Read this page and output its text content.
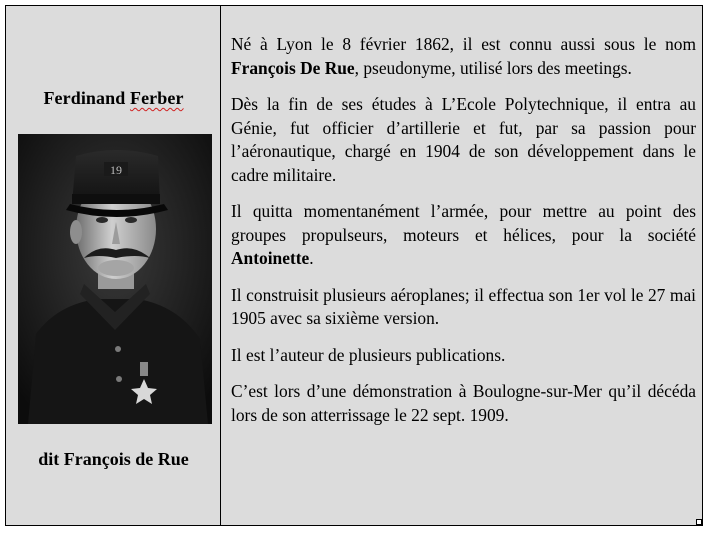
Ferdinand Ferber
19
dit François de Rue

Né à Lyon le 8 février 1862, il est connu aussi sous le nom François De Rue, pseudonyme, utilisé lors des meetings.

Dès la fin de ses études à L’Ecole Polytechnique, il entra au Génie, fut officier d’artillerie et fut, par sa passion pour l’aéronautique, chargé en 1904 de son développement dans le cadre militaire.

Il quitta momentanément l’armée, pour mettre au point des groupes propulseurs, moteurs et hélices, pour la société Antoinette.

Il construisit plusieurs aéroplanes; il effectua son 1er vol le 27 mai 1905 avec sa sixième version.

Il est l’auteur de plusieurs publications.

C’est lors d’une démonstration à Boulogne-sur-Mer qu’il décéda lors de son atterrissage le 22 sept. 1909.
